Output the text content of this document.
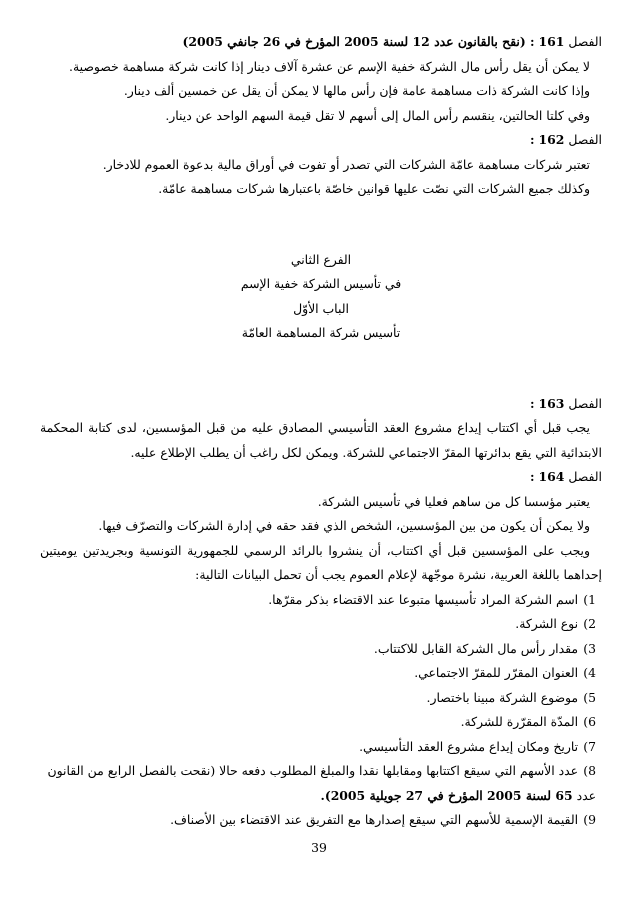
الفصل 161 : (نقح بالقانون عدد 12 لسنة 2005 المؤرخ في 26 جانفي 2005)

لا يمكن أن يقل رأس مال الشركة خفية الإسم عن عشرة آلاف دينار إذا كانت شركة مساهمة خصوصية.

وإذا كانت الشركة ذات مساهمة عامة فإن رأس مالها لا يمكن أن يقل عن خمسين ألف دينار.

وفي كلتا الحالتين، ينقسم رأس المال إلى أسهم لا تقل قيمة السهم الواحد عن دينار.

الفصل 162 :

تعتبر شركات مساهمة عامّة الشركات التي تصدر أو تفوت في أوراق مالية بدعوة العموم للادخار.

وكذلك جميع الشركات التي نصّت عليها قوانين خاصّة باعتبارها شركات مساهمة عامّة.

الفرع الثاني

في تأسيس الشركة خفية الإسم

الباب الأوّل

تأسيس شركة المساهمة العامّة

الفصل 163 :

يجب قبل أي اكتتاب إيداع مشروع العقد التأسيسي المصادق عليه من قبل المؤسسين، لدى كتابة المحكمة

الابتدائية التي يقع بدائرتها المقرّ الاجتماعي للشركة. ويمكن لكل راغب أن يطلب الإطلاع عليه.

الفصل 164 :

يعتبر مؤسسا كل من ساهم فعليا في تأسيس الشركة.

ولا يمكن أن يكون من بين المؤسسين، الشخص الذي فقد حقه في إدارة الشركات والتصرّف فيها.

ويجب على المؤسسين قبل أي اكتتاب، أن ينشروا بالرائد الرسمي للجمهورية التونسية وبجريدتين يوميتين

إحداهما باللغة العربية، نشرة موجّهة لإعلام العموم يجب أن تحمل البيانات التالية:

1) اسم الشركة المراد تأسيسها متبوعا عند الاقتضاء بذكر مقرّها.

2) نوع الشركة.

3) مقدار رأس مال الشركة القابل للاكتتاب.

4) العنوان المقرّر للمقرّ الاجتماعي.

5) موضوع الشركة مبينا باختصار.

6) المدّة المقرّرة للشركة.

7) تاريخ ومكان إيداع مشروع العقد التأسيسي.

8) عدد الأسهم التي سيقع اكتتابها ومقابلها نقدا والمبلغ المطلوب دفعه حالا (نقحت بالفصل الرابع من القانون

عدد 65 لسنة 2005 المؤرخ في 27 جويلية 2005).

9) القيمة الإسمية للأسهم التي سيقع إصدارها مع التفريق عند الاقتضاء بين الأصناف.

39
